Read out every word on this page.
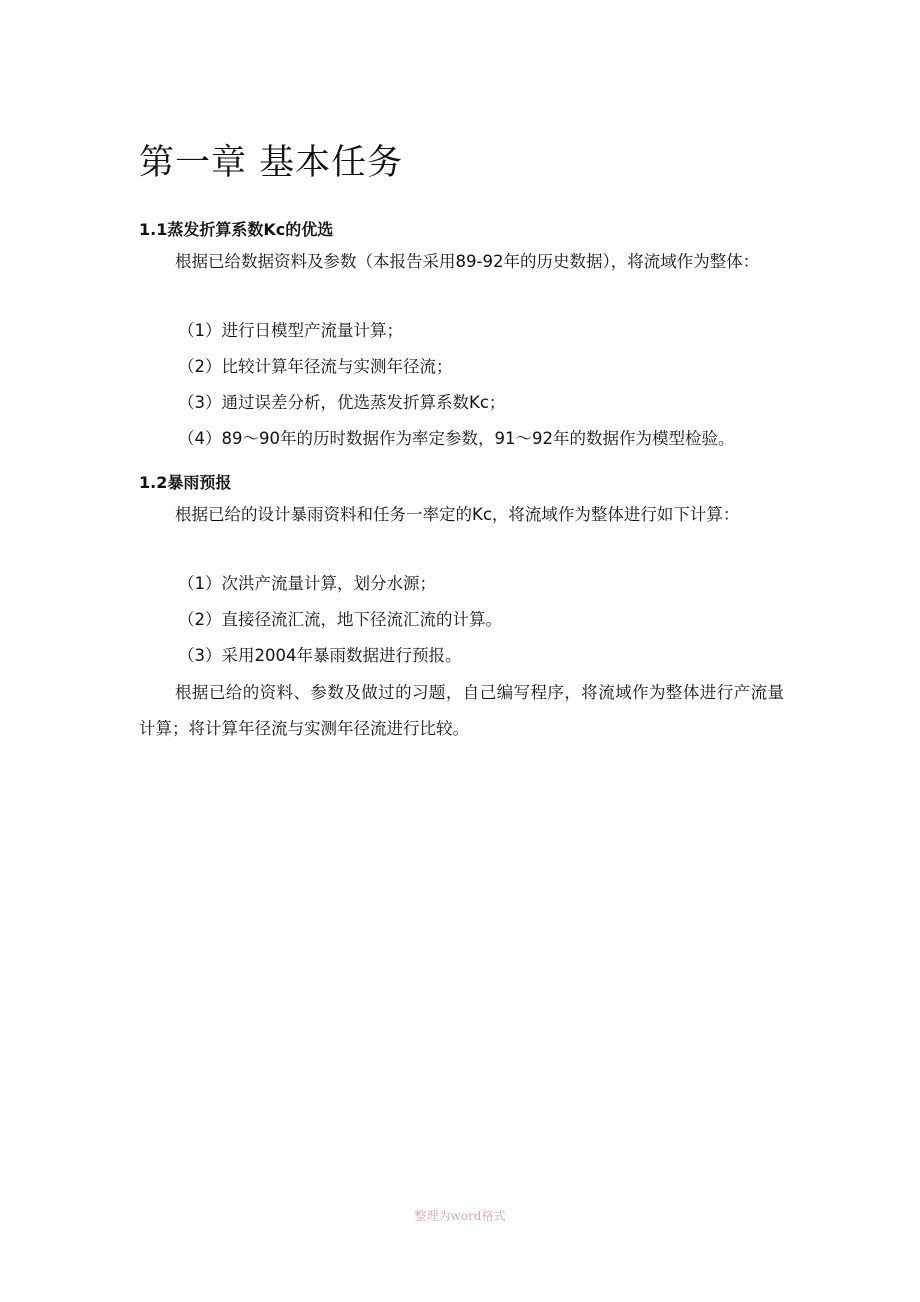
第一章 基本任务
1.1蒸发折算系数Kc的优选

根据已给数据资料及参数（本报告采用89-92年的历史数据），将流域作为整体：

（1）进行日模型产流量计算；
（2）比较计算年径流与实测年径流；
（3）通过误差分析，优选蒸发折算系数Kc；
（4）89～90年的历时数据作为率定参数，91～92年的数据作为模型检验。
1.2暴雨预报

根据已给的设计暴雨资料和任务一率定的Kc，将流域作为整体进行如下计算：

（1）次洪产流量计算，划分水源；
（2）直接径流汇流，地下径流汇流的计算。
（3）采用2004年暴雨数据进行预报。

根据已给的资料、参数及做过的习题，自己编写程序，将流域作为整体进行产流量计算；将计算年径流与实测年径流进行比较。

整理为word格式
